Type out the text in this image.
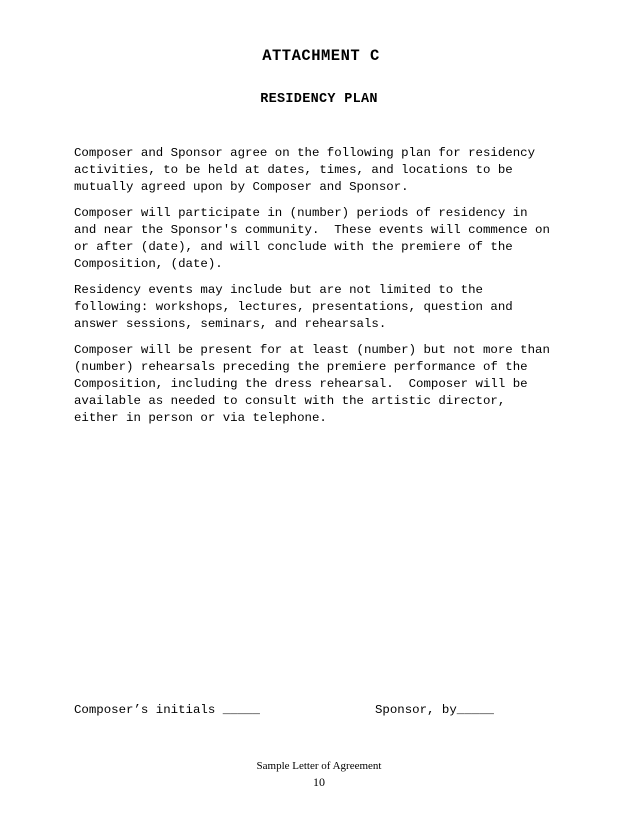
ATTACHMENT C
RESIDENCY PLAN

Composer and Sponsor agree on the following plan for residency
activities, to be held at dates, times, and locations to be
mutually agreed upon by Composer and Sponsor.

Composer will participate in (number) periods of residency in
and near the Sponsor's community.  These events will commence on
or after (date), and will conclude with the premiere of the
Composition, (date).

Residency events may include but are not limited to the
following: workshops, lectures, presentations, question and
answer sessions, seminars, and rehearsals.

Composer will be present for at least (number) but not more than
(number) rehearsals preceding the premiere performance of the
Composition, including the dress rehearsal.  Composer will be
available as needed to consult with the artistic director,
either in person or via telephone.

Composer’s initials _____	Sponsor, by_____

Sample Letter of Agreement

10
